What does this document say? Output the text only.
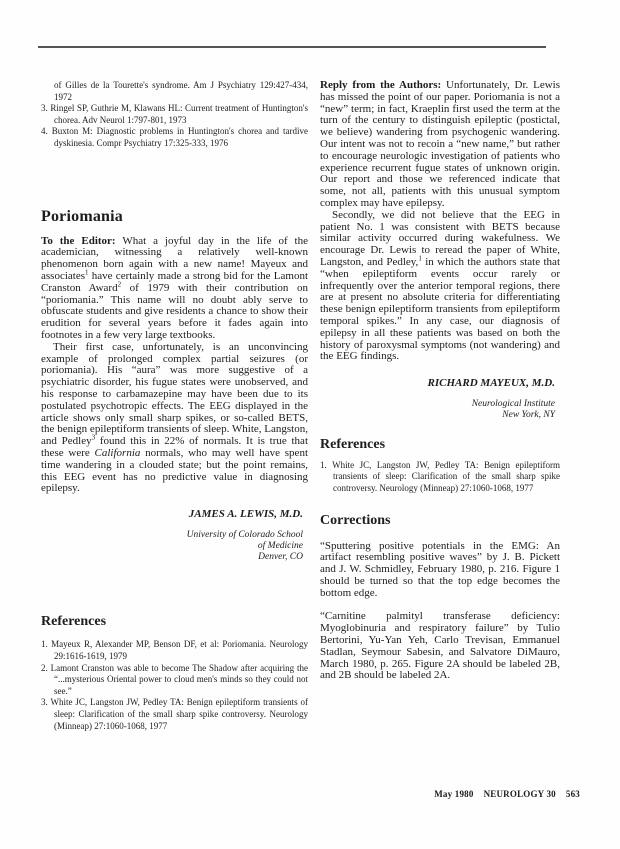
of Gilles de la Tourette's syndrome. Am J Psychiatry 129:427-434, 1972
3. Ringel SP, Guthrie M, Klawans HL: Current treatment of Huntington's chorea. Adv Neurol 1:797-801, 1973
4. Buxton M: Diagnostic problems in Huntington's chorea and tardive dyskinesia. Compr Psychiatry 17:325-333, 1976
Poriomania

To the Editor: What a joyful day in the life of the academician, witnessing a relatively well-known phenomenon born again with a new name! Mayeux and associates$^1$ have certainly made a strong bid for the Lamont Cranston Award$^2$ of 1979 with their contribution on “poriomania.” This name will no doubt ably serve to obfuscate students and give residents a chance to show their erudition for several years before it fades again into footnotes in a few very large textbooks.

Their first case, unfortunately, is an unconvincing example of prolonged complex partial seizures (or poriomania). His “aura” was more suggestive of a psychiatric disorder, his fugue states were unobserved, and his response to carbamazepine may have been due to its postulated psychotropic effects. The EEG displayed in the article shows only small sharp spikes, or so-called BETS, the benign epileptiform transients of sleep. White, Langston, and Pedley$^3$ found this in 22% of normals. It is true that these were California normals, who may well have spent time wandering in a clouded state; but the point remains, this EEG event has no predictive value in diagnosing epilepsy.

JAMES A. LEWIS, M.D.
University of Colorado School
of Medicine
Denver, CO
References
1. Mayeux R, Alexander MP, Benson DF, et al: Poriomania. Neurology 29:1616-1619, 1979
2. Lamont Cranston was able to become The Shadow after acquiring the “...mysterious Oriental power to cloud men's minds so they could not see.”
3. White JC, Langston JW, Pedley TA: Benign epileptiform transients of sleep: Clarification of the small sharp spike controversy. Neurology (Minneap) 27:1060-1068, 1977

Reply from the Authors: Unfortunately, Dr. Lewis has missed the point of our paper. Poriomania is not a “new” term; in fact, Kraeplin first used the term at the turn of the century to distinguish epileptic (postictal, we believe) wandering from psychogenic wandering. Our intent was not to recoin a “new name,” but rather to encourage neurologic investigation of patients who experience recurrent fugue states of unknown origin. Our report and those we referenced indicate that some, not all, patients with this unusual symptom complex may have epilepsy.

Secondly, we did not believe that the EEG in patient No. 1 was consistent with BETS because similar activity occurred during wakefulness. We encourage Dr. Lewis to reread the paper of White, Langston, and Pedley,$^1$ in which the authors state that “when epileptiform events occur rarely or infrequently over the anterior temporal regions, there are at present no absolute criteria for differentiating these benign epileptiform transients from epileptiform temporal spikes.” In any case, our diagnosis of epilepsy in all these patients was based on both the history of paroxysmal symptoms (not wandering) and the EEG findings.

RICHARD MAYEUX, M.D.
Neurological Institute
New York, NY
References
1. White JC, Langston JW, Pedley TA: Benign epileptiform transients of sleep: Clarification of the small sharp spike controversy. Neurology (Minneap) 27:1060-1068, 1977
Corrections

“Sputtering positive potentials in the EMG: An artifact resembling positive waves” by J. B. Pickett and J. W. Schmidley, February 1980, p. 216. Figure 1 should be turned so that the top edge becomes the bottom edge.

“Carnitine palmityl transferase deficiency: Myoglobinuria and respiratory failure” by Tulio Bertorini, Yu-Yan Yeh, Carlo Trevisan, Emmanuel Stadlan, Seymour Sabesin, and Salvatore DiMauro, March 1980, p. 265. Figure 2A should be labeled 2B, and 2B should be labeled 2A.

May 1980 NEUROLOGY 30 563
